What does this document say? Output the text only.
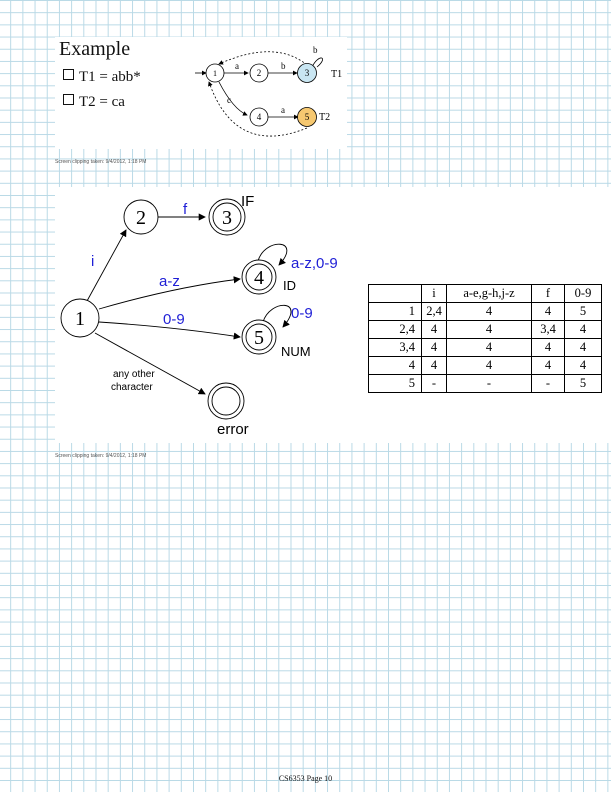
Example
T1 = abb*
T2 = ca
1	2	3
4	5
a	b
c
a
b
T1
T2
Screen clipping taken: 9/4/2012, 1:18 PM
1
2	3
4
5
i
f
a-z
0-9
a-z,0-9
0-9
IF
ID
NUM
error
any other
character
	i	a-e,g-h,j-z	f	0-9
1	2,4	4	4	5
2,4	4	4	3,4	4
3,4	4	4	4	4
4	4	4	4	4
5	-	-	-	5
Screen clipping taken: 9/4/2012, 1:18 PM
CS6353 Page 10
